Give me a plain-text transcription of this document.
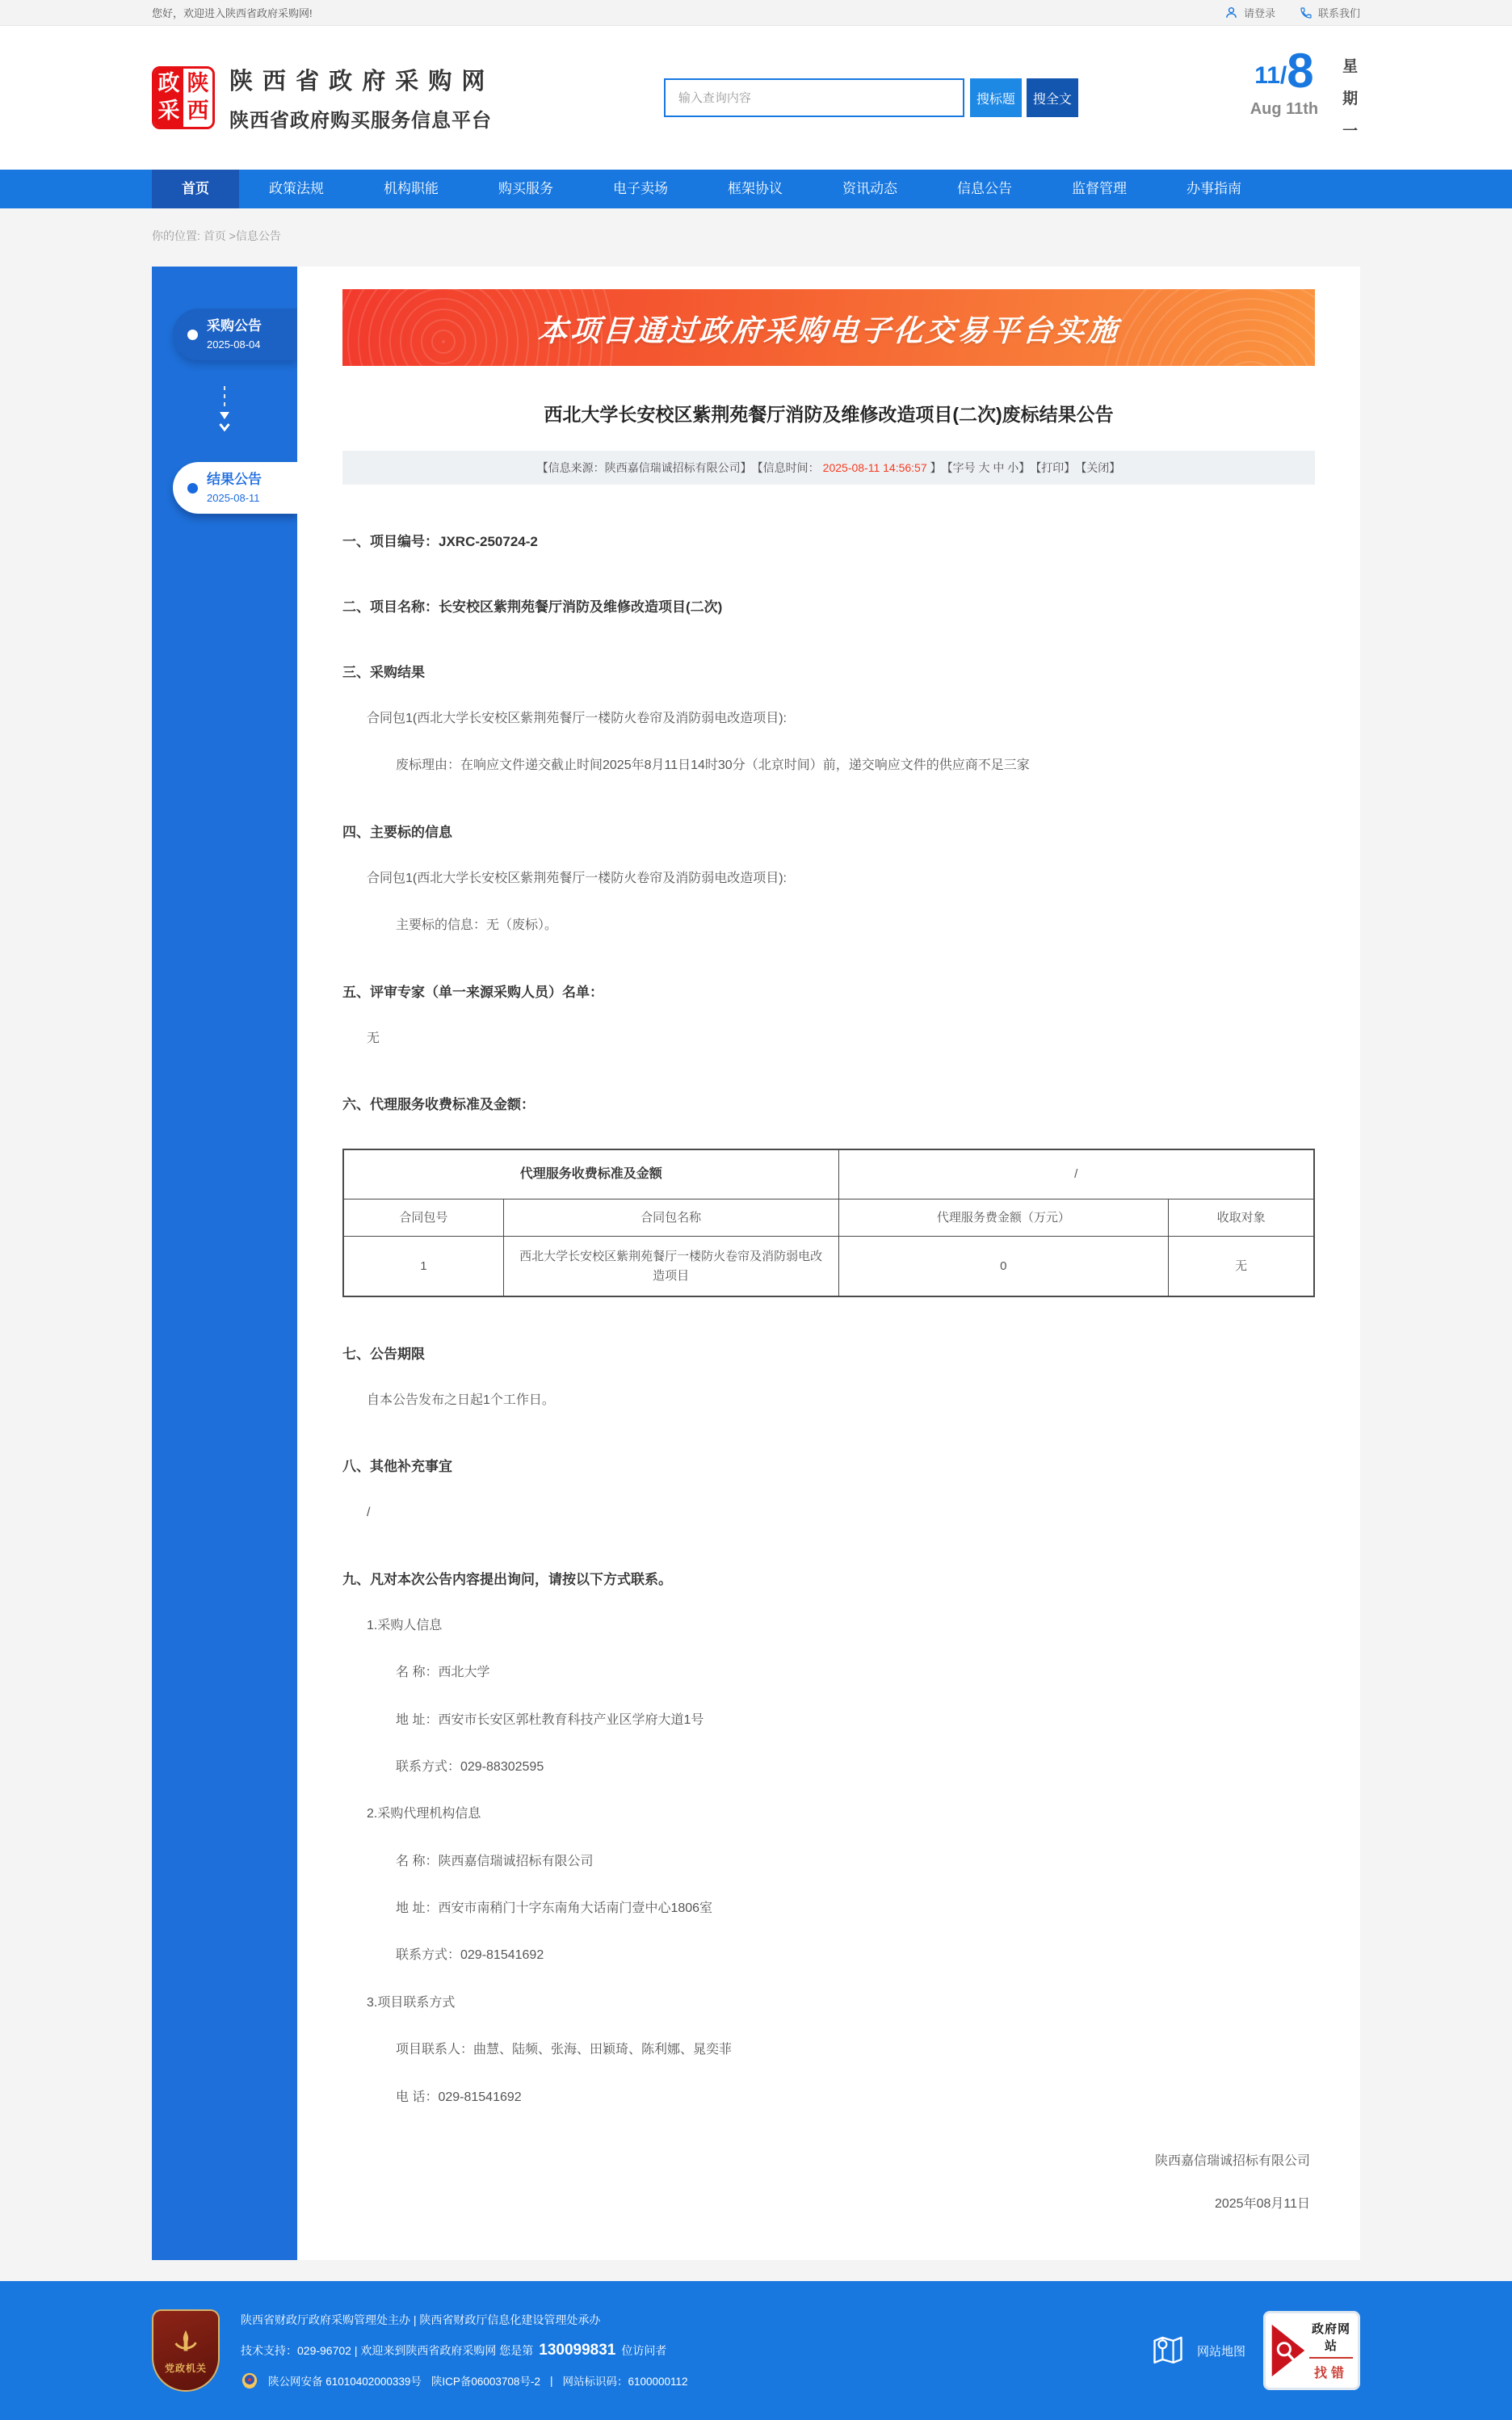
您好，欢迎进入陕西省政府采购网!	请登录	联系我们
政
采
陕
西
陕 西 省 政 府 采 购 网
陕西省政府购买服务信息平台
输入查询内容
搜标题	搜全文
11/ 8
Aug 11th
星期一
首页	政策法规	机构职能	购买服务	电子卖场	框架协议	资讯动态	信息公告	监督管理	办事指南
你的位置: 首页 >信息公告
采购公告
2025-08-04
结果公告
2025-08-11
本项目通过政府采购电子化交易平台实施
西北大学长安校区紫荆苑餐厅消防及维修改造项目(二次)废标结果公告
【信息来源：陕西嘉信瑞诚招标有限公司】 【信息时间： 2025-08-11 14:56:57 】 【字号 大 中 小】 【打印】 【关闭】
一、项目编号：JXRC-250724-2
二、项目名称：长安校区紫荆苑餐厅消防及维修改造项目(二次)
三、采购结果
合同包1(西北大学长安校区紫荆苑餐厅一楼防火卷帘及消防弱电改造项目):
废标理由：在响应文件递交截止时间2025年8月11日14时30分（北京时间）前，递交响应文件的供应商不足三家
四、主要标的信息
合同包1(西北大学长安校区紫荆苑餐厅一楼防火卷帘及消防弱电改造项目):
主要标的信息：无（废标）。
五、评审专家（单一来源采购人员）名单：
无
六、代理服务收费标准及金额：
代理服务收费标准及金额		/	
合同包号	合同包名称	代理服务费金额（万元）	收取对象
1	西北大学长安校区紫荆苑餐厅一楼防火卷帘及消防弱电改造项目	0	无
七、公告期限
自本公告发布之日起1个工作日。
八、其他补充事宜
/
九、凡对本次公告内容提出询问，请按以下方式联系。
1.采购人信息
名 称：西北大学
地 址：西安市长安区郭杜教育科技产业区学府大道1号
联系方式：029-88302595
2.采购代理机构信息
名 称：陕西嘉信瑞诚招标有限公司
地 址：西安市南稍门十字东南角大话南门壹中心1806室
联系方式：029-81541692
3.项目联系方式
项目联系人：曲慧、陆频、张海、田颖琦、陈利娜、晁奕菲
电 话：029-81541692
陕西嘉信瑞诚招标有限公司
2025年08月11日
党政机关
陕西省财政厅政府采购管理处主办 | 陕西省财政厅信息化建设管理处承办
技术支持：029-96702 | 欢迎来到陕西省政府采购网 您是第 130099831 位访问者
陕公网安备 61010402000339号 陕ICP备06003708号-2 | 网站标识码：6100000112
网站地图
政府网站
找错
